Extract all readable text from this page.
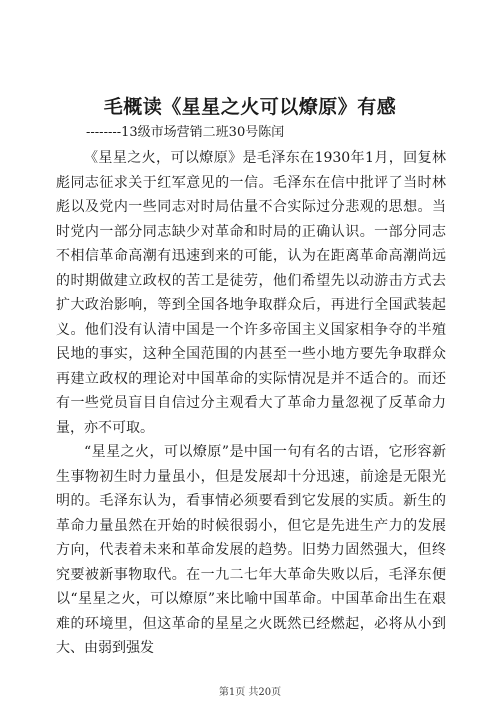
毛概读《星星之火可以燎原》有感
--------13级市场营销二班30号陈闰

《星星之火，可以燎原》是毛泽东在1930年1月，回复林彪同志征求关于红军意见的一信。毛泽东在信中批评了当时林彪以及党内一些同志对时局估量不合实际过分悲观的思想。当时党内一部分同志缺少对革命和时局的正确认识。一部分同志不相信革命高潮有迅速到来的可能，认为在距离革命高潮尚远的时期做建立政权的苦工是徒劳，他们希望先以动游击方式去扩大政治影响，等到全国各地争取群众后，再进行全国武装起义。他们没有认清中国是一个许多帝国主义国家相争夺的半殖民地的事实，这种全国范围的内甚至一些小地方要先争取群众再建立政权的理论对中国革命的实际情况是并不适合的。而还有一些党员盲目自信过分主观看大了革命力量忽视了反革命力量，亦不可取。

“星星之火，可以燎原”是中国一句有名的古语，它形容新生事物初生时力量虽小，但是发展却十分迅速，前途是无限光明的。毛泽东认为，看事情必须要看到它发展的实质。新生的革命力量虽然在开始的时候很弱小，但它是先进生产力的发展方向，代表着未来和革命发展的趋势。旧势力固然强大，但终究要被新事物取代。在一九二七年大革命失败以后，毛泽东便以“星星之火，可以燎原”来比喻中国革命。中国革命出生在艰难的环境里，但这革命的星星之火既然已经燃起，必将从小到大、由弱到强发

第1页 共20页
